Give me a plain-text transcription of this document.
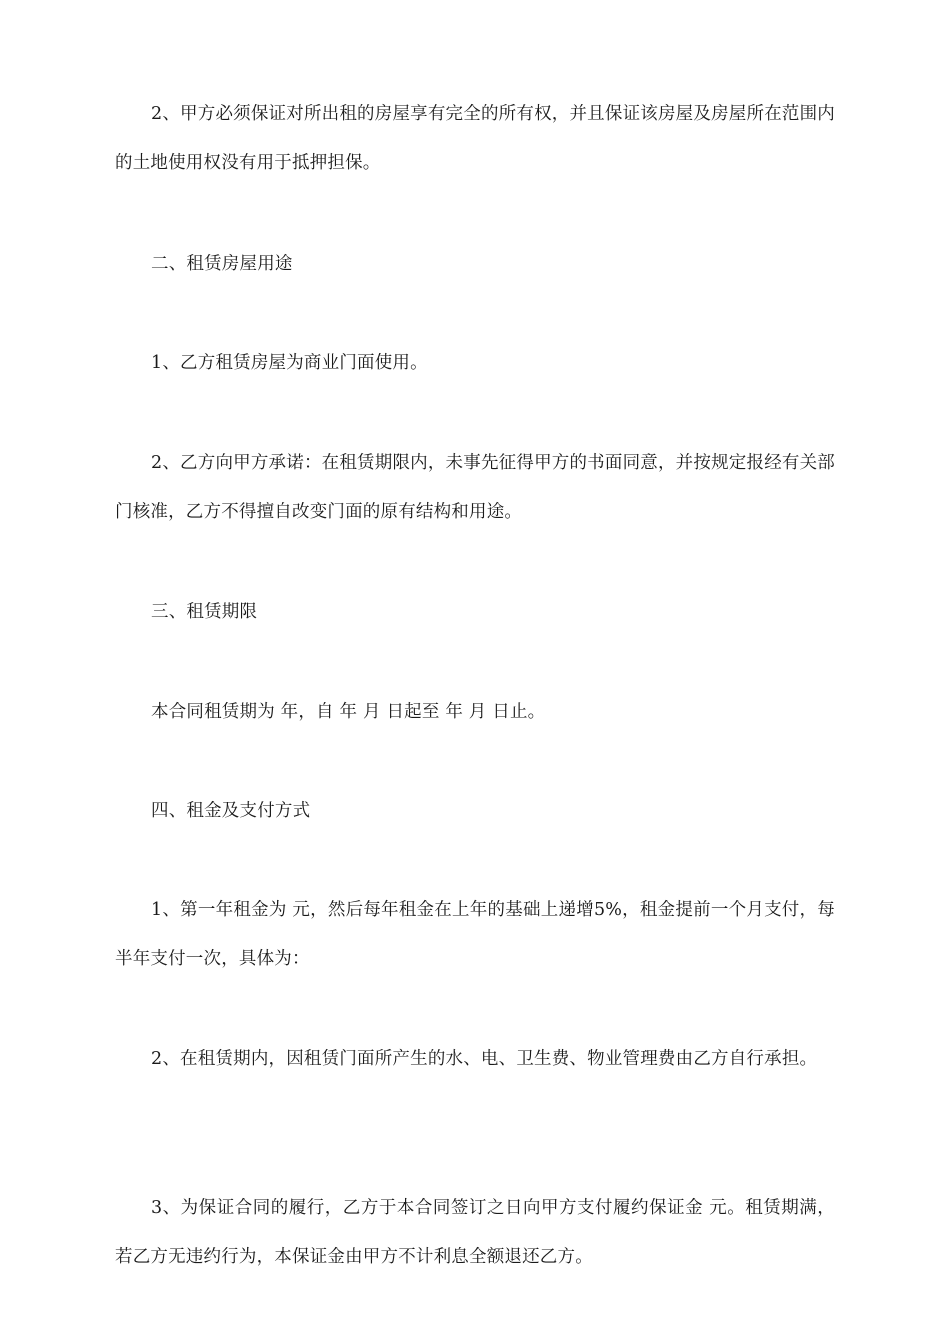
2、甲方必须保证对所出租的房屋享有完全的所有权，并且保证该房屋及房屋所在范围内的土地使用权没有用于抵押担保。

二、租赁房屋用途

1、乙方租赁房屋为商业门面使用。

2、乙方向甲方承诺：在租赁期限内，未事先征得甲方的书面同意，并按规定报经有关部门核准，乙方不得擅自改变门面的原有结构和用途。

三、租赁期限

本合同租赁期为 年，自 年 月 日起至 年 月 日止。

四、租金及支付方式

1、第一年租金为 元，然后每年租金在上年的基础上递增5%，租金提前一个月支付，每半年支付一次，具体为：

2、在租赁期内，因租赁门面所产生的水、电、卫生费、物业管理费由乙方自行承担。

3、为保证合同的履行，乙方于本合同签订之日向甲方支付履约保证金 元。租赁期满，若乙方无违约行为，本保证金由甲方不计利息全额退还乙方。
